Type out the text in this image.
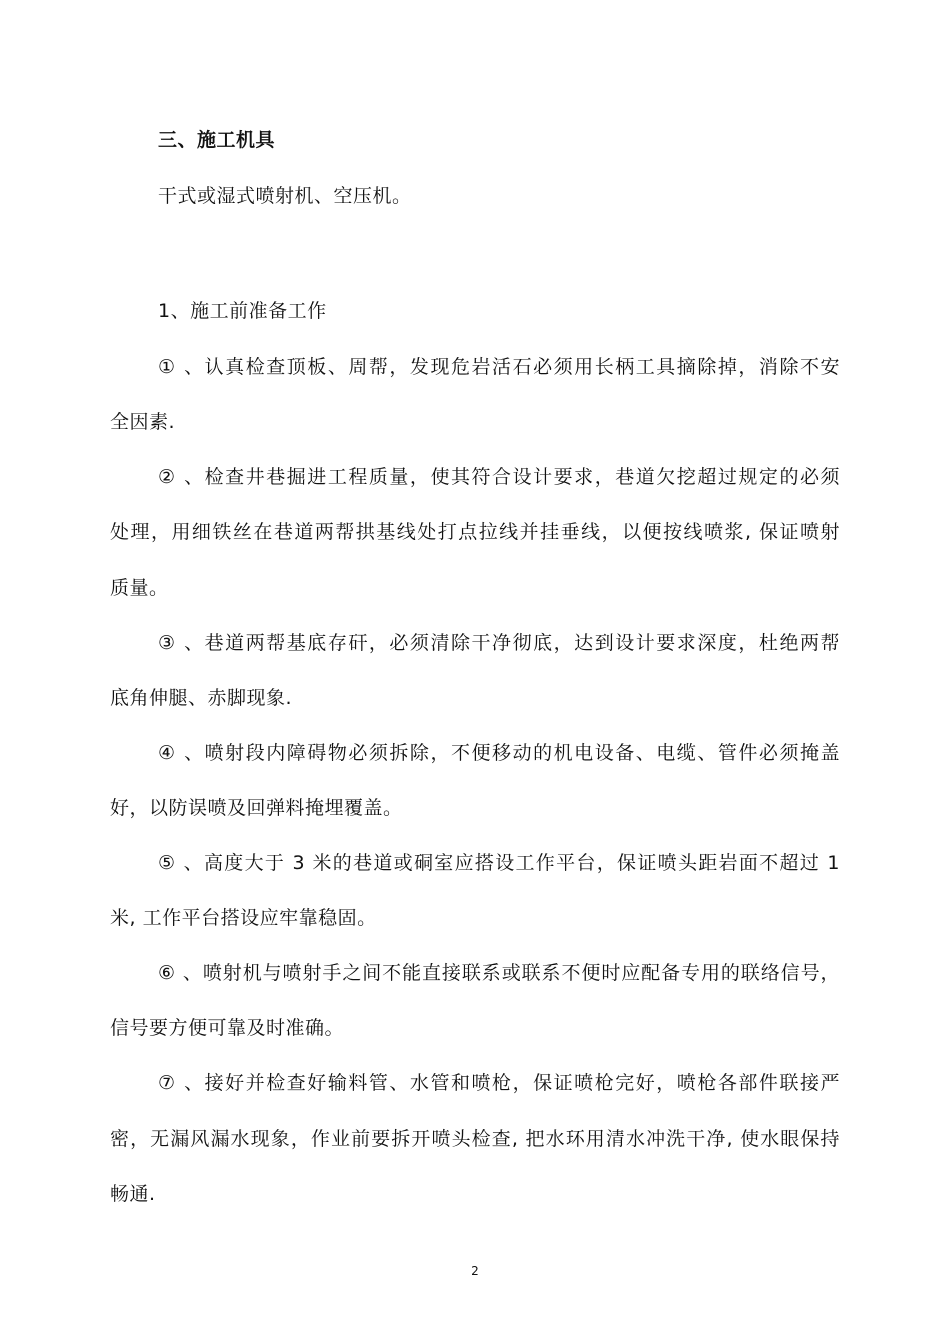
三、施工机具
干式或湿式喷射机、空压机。
1、施工前准备工作
① 、认真检查顶板、周帮，发现危岩活石必须用长柄工具摘除掉，消除不安
全因素.
② 、检查井巷掘进工程质量，使其符合设计要求，巷道欠挖超过规定的必须
处理，用细铁丝在巷道两帮拱基线处打点拉线并挂垂线，以便按线喷浆, 保证喷射
质量。
③ 、巷道两帮基底存矸，必须清除干净彻底，达到设计要求深度，杜绝两帮
底角伸腿、赤脚现象.
④ 、喷射段内障碍物必须拆除，不便移动的机电设备、电缆、管件必须掩盖
好，以防误喷及回弹料掩埋覆盖。
⑤ 、高度大于 3 米的巷道或硐室应搭设工作平台，保证喷头距岩面不超过 1
米, 工作平台搭设应牢靠稳固。
⑥ 、喷射机与喷射手之间不能直接联系或联系不便时应配备专用的联络信号，
信号要方便可靠及时准确。
⑦ 、接好并检查好输料管、水管和喷枪，保证喷枪完好，喷枪各部件联接严
密，无漏风漏水现象，作业前要拆开喷头检查, 把水环用清水冲洗干净, 使水眼保持
畅通.
2
